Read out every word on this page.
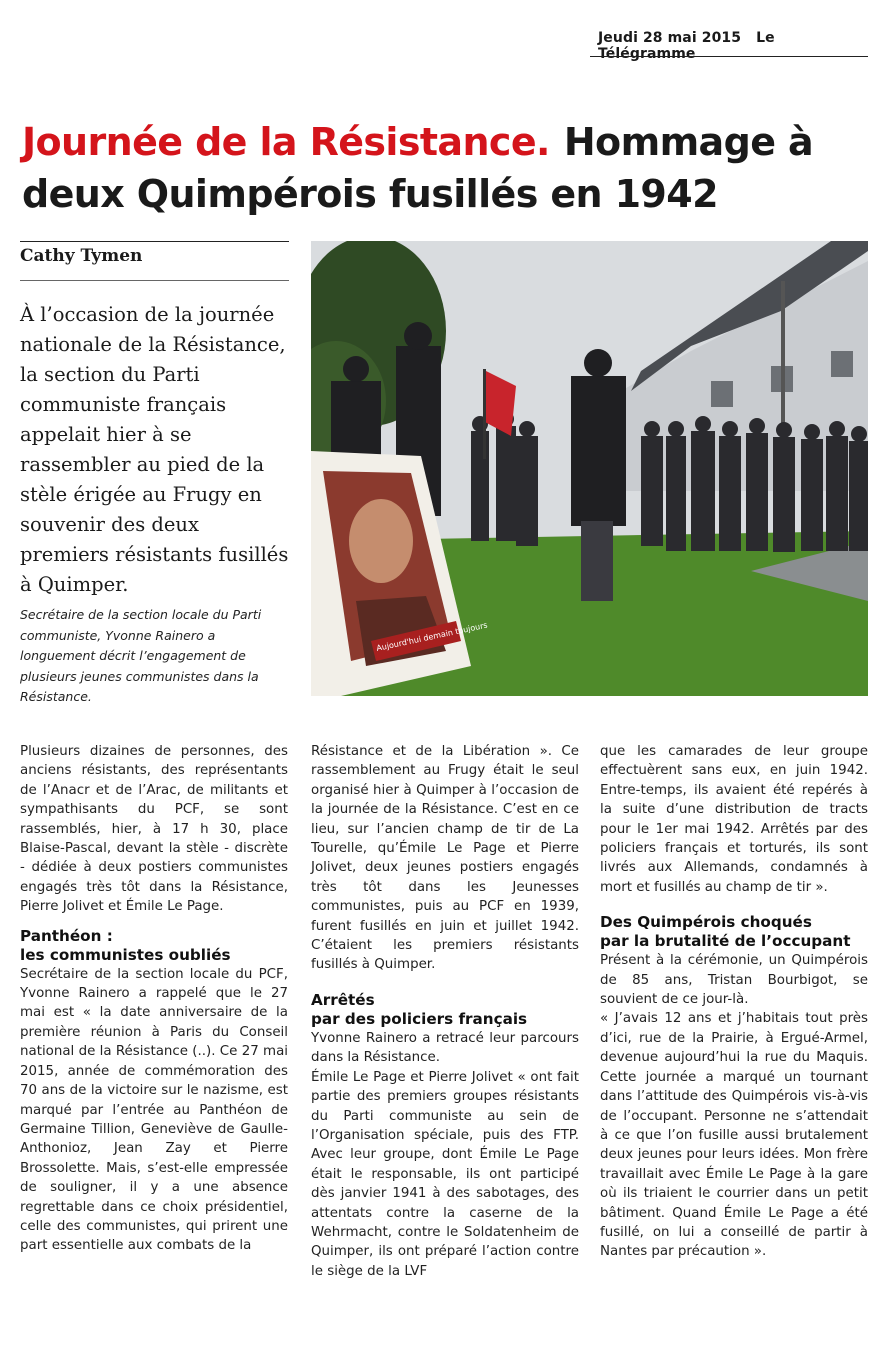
Jeudi 28 mai 2015 Le Télégramme
Journée de la Résistance. Hommage à deux Quimpérois fusillés en 1942
Cathy Tymen

À l’occasion de la journée nationale de la Résistance, la section du Parti communiste français appelait hier à se rassembler au pied de la stèle érigée au Frugy en souvenir des deux premiers résistants fusillés à Quimper.

Secrétaire de la section locale du Parti communiste, Yvonne Rainero a longuement décrit l’engagement de plusieurs jeunes communistes dans la Résistance.

Aujourd'hui demain toujours

Plusieurs dizaines de personnes, des anciens résistants, des représentants de l’Anacr et de l’Arac, de militants et sympathisants du PCF, se sont rassemblés, hier, à 17 h 30, place Blaise-Pascal, devant la stèle - discrète - dédiée à deux postiers communistes engagés très tôt dans la Résistance, Pierre Jolivet et Émile Le Page.

Panthéon :
les communistes oubliés

Secrétaire de la section locale du PCF, Yvonne Rainero a rappelé que le 27 mai est « la date anniversaire de la première réunion à Paris du Conseil national de la Résistance (..). Ce 27 mai 2015, année de commémoration des 70 ans de la victoire sur le nazisme, est marqué par l’entrée au Panthéon de Germaine Tillion, Geneviève de Gaulle-Anthonioz, Jean Zay et Pierre Brossolette. Mais, s’est-elle empressée de souligner, il y a une absence regrettable dans ce choix présidentiel, celle des communistes, qui prirent une part essentielle aux combats de la

Résistance et de la Libération ». Ce rassemblement au Frugy était le seul organisé hier à Quimper à l’occasion de la journée de la Résistance. C’est en ce lieu, sur l’ancien champ de tir de La Tourelle, qu’Émile Le Page et Pierre Jolivet, deux jeunes postiers engagés très tôt dans les Jeunesses communistes, puis au PCF en 1939, furent fusillés en juin et juillet 1942. C’étaient les premiers résistants fusillés à Quimper.

Arrêtés
par des policiers français

Yvonne Rainero a retracé leur parcours dans la Résistance.

Émile Le Page et Pierre Jolivet « ont fait partie des premiers groupes résistants du Parti communiste au sein de l’Organisation spéciale, puis des FTP. Avec leur groupe, dont Émile Le Page était le responsable, ils ont participé dès janvier 1941 à des sabotages, des attentats contre la caserne de la Wehrmacht, contre le Soldatenheim de Quimper, ils ont préparé l’action contre le siège de la LVF

que les camarades de leur groupe effectuèrent sans eux, en juin 1942. Entre-temps, ils avaient été repérés à la suite d’une distribution de tracts pour le 1er mai 1942. Arrêtés par des policiers français et torturés, ils sont livrés aux Allemands, condamnés à mort et fusillés au champ de tir ».

Des Quimpérois choqués
par la brutalité de l’occupant

Présent à la cérémonie, un Quimpérois de 85 ans, Tristan Bourbigot, se souvient de ce jour-là.

« J’avais 12 ans et j’habitais tout près d’ici, rue de la Prairie, à Ergué-Armel, devenue aujourd’hui la rue du Maquis. Cette journée a marqué un tournant dans l’attitude des Quimpérois vis-à-vis de l’occupant. Personne ne s’attendait à ce que l’on fusille aussi brutalement deux jeunes pour leurs idées. Mon frère travaillait avec Émile Le Page à la gare où ils triaient le courrier dans un petit bâtiment. Quand Émile Le Page a été fusillé, on lui a conseillé de partir à Nantes par précaution ».
